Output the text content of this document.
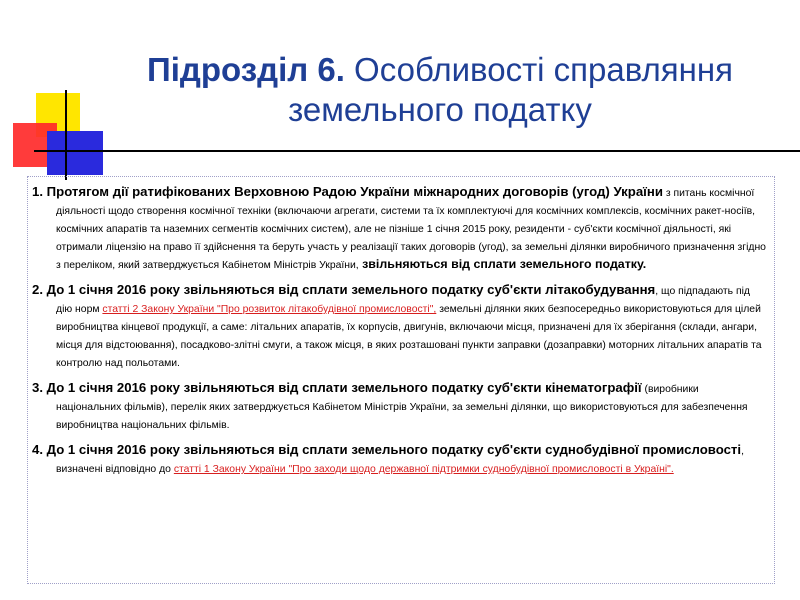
Підрозділ 6. Особливості справляння земельного податку
1. Протягом дії ратифікованих Верховною Радою України міжнародних договорів (угод) України з питань космічної діяльності щодо створення космічної техніки (включаючи агрегати, системи та їх комплектуючі для космічних комплексів, космічних ракет-носіїв, космічних апаратів та наземних сегментів космічних систем), але не пізніше 1 січня 2015 року, резиденти - суб'єкти космічної діяльності, які отримали ліцензію на право її здійснення та беруть участь у реалізації таких договорів (угод), за земельні ділянки виробничого призначення згідно з переліком, який затверджується Кабінетом Міністрів України, звільняються від сплати земельного податку.
2. До 1 січня 2016 року звільняються від сплати земельного податку суб'єкти літакобудування, що підпадають під дію норм статті 2 Закону України "Про розвиток літакобудівної промисловості", земельні ділянки яких безпосередньо використовуються для цілей виробництва кінцевої продукції, а саме: літальних апаратів, їх корпусів, двигунів, включаючи місця, призначені для їх зберігання (склади, ангари, місця для відстоювання), посадково-злітні смуги, а також місця, в яких розташовані пункти заправки (дозаправки) моторних літальних апаратів та контролю над польотами.
3. До 1 січня 2016 року звільняються від сплати земельного податку суб'єкти кінематографії (виробники національних фільмів), перелік яких затверджується Кабінетом Міністрів України, за земельні ділянки, що використовуються для забезпечення виробництва національних фільмів.
4. До 1 січня 2016 року звільняються від сплати земельного податку суб'єкти суднобудівної промисловості, визначені відповідно до статті 1 Закону України "Про заходи щодо державної підтримки суднобудівної промисловості в Україні".
